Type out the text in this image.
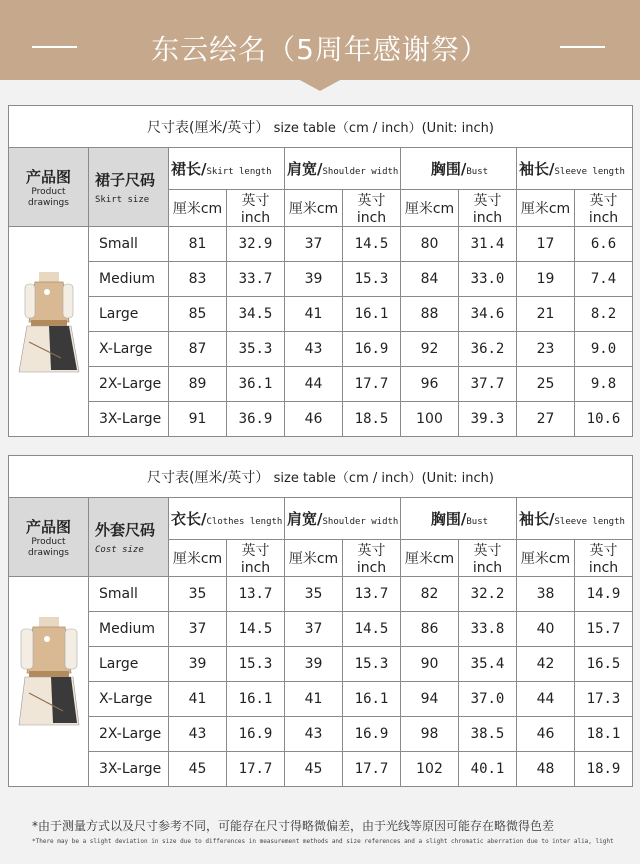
东云绘名（5周年感谢祭）
尺寸表(厘米/英寸） size table（cm / inch）(Unit: inch)									

产品图
Product
drawings	裙子尺码
Skirt size	裙长/Skirt length		肩宽/Shoulder width		胸围/Bust		袖长/Sleeve length	
		厘米cm	英寸inch	厘米cm	英寸inch	厘米cm	英寸inch	厘米cm	英寸inch

	Small	81	32.9	37	14.5	80	31.4	17	6.6
	Medium	83	33.7	39	15.3	84	33.0	19	7.4
	Large	85	34.5	41	16.1	88	34.6	21	8.2
	X-Large	87	35.3	43	16.9	92	36.2	23	9.0
	2X-Large	89	36.1	44	17.7	96	37.7	25	9.8
	3X-Large	91	36.9	46	18.5	100	39.3	27	10.6
尺寸表(厘米/英寸） size table（cm / inch）(Unit: inch)									

产品图
Product
drawings	外套尺码
Cost size	衣长/Clothes length		肩宽/Shoulder width		胸围/Bust		袖长/Sleeve length	
		厘米cm	英寸inch	厘米cm	英寸inch	厘米cm	英寸inch	厘米cm	英寸inch

	Small	35	13.7	35	13.7	82	32.2	38	14.9
	Medium	37	14.5	37	14.5	86	33.8	40	15.7
	Large	39	15.3	39	15.3	90	35.4	42	16.5
	X-Large	41	16.1	41	16.1	94	37.0	44	17.3
	2X-Large	43	16.9	43	16.9	98	38.5	46	18.1
	3X-Large	45	17.7	45	17.7	102	40.1	48	18.9
*由于测量方式以及尺寸参考不同，可能存在尺寸得略微偏差，由于光线等原因可能存在略微得色差
*There may be a slight deviation in size due to differences in measurement methods and size references and a slight chromatic aberration due to inter alia, light
